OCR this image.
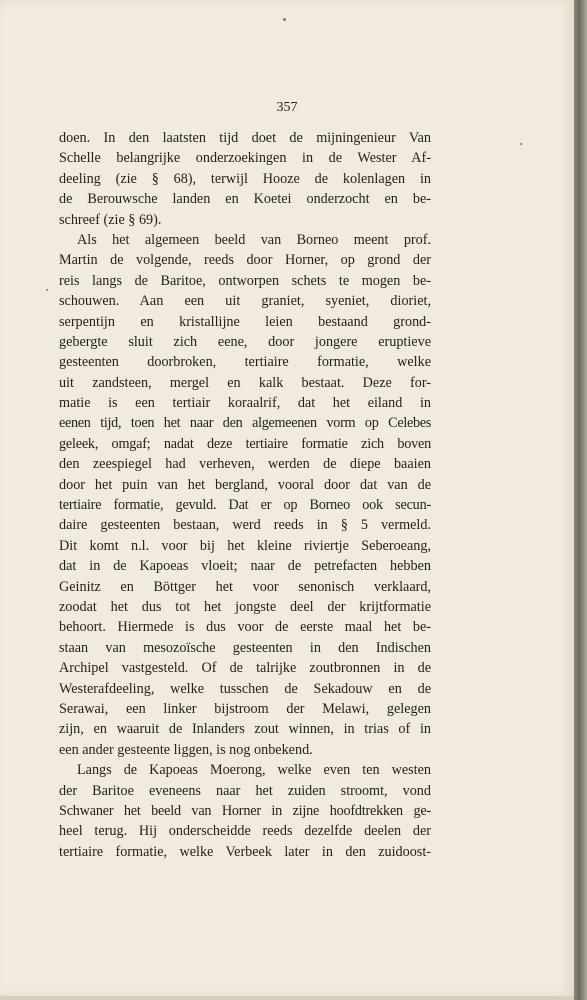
357
doen. In den laatsten tijd doet de mijningenieur Van
Schelle belangrijke onderzoekingen in de Wester Af-
deeling (zie § 68), terwijl Hooze de kolenlagen in
de Berouwsche landen en Koetei onderzocht en be-
schreef (zie § 69).
Als het algemeen beeld van Borneo meent prof.
Martin de volgende, reeds door Horner, op grond der
reis langs de Baritoe, ontworpen schets te mogen be-
schouwen. Aan een uit graniet, syeniet, dioriet,
serpentijn en kristallijne leien bestaand grond-
gebergte sluit zich eene, door jongere eruptieve
gesteenten doorbroken, tertiaire formatie, welke
uit zandsteen, mergel en kalk bestaat. Deze for-
matie is een tertiair koraalrif, dat het eiland in
eenen tijd, toen het naar den algemeenen vorm op Celebes
geleek, omgaf; nadat deze tertiaire formatie zich boven
den zeespiegel had verheven, werden de diepe baaien
door het puin van het bergland, vooral door dat van de
tertiaire formatie, gevuld. Dat er op Borneo ook secun-
daire gesteenten bestaan, werd reeds in § 5 vermeld.
Dit komt n.l. voor bij het kleine riviertje Seberoeang,
dat in de Kapoeas vloeit; naar de petrefacten hebben
Geinitz en Böttger het voor senonisch verklaard,
zoodat het dus tot het jongste deel der krijtformatie
behoort. Hiermede is dus voor de eerste maal het be-
staan van mesozoïsche gesteenten in den Indischen
Archipel vastgesteld. Of de talrijke zoutbronnen in de
Westerafdeeling, welke tusschen de Sekadouw en de
Serawai, een linker bijstroom der Melawi, gelegen
zijn, en waaruit de Inlanders zout winnen, in trias of in
een ander gesteente liggen, is nog onbekend.
Langs de Kapoeas Moerong, welke even ten westen
der Baritoe eveneens naar het zuiden stroomt, vond
Schwaner het beeld van Horner in zijne hoofdtrekken ge-
heel terug. Hij onderscheidde reeds dezelfde deelen der
tertiaire formatie, welke Verbeek later in den zuidoost-
